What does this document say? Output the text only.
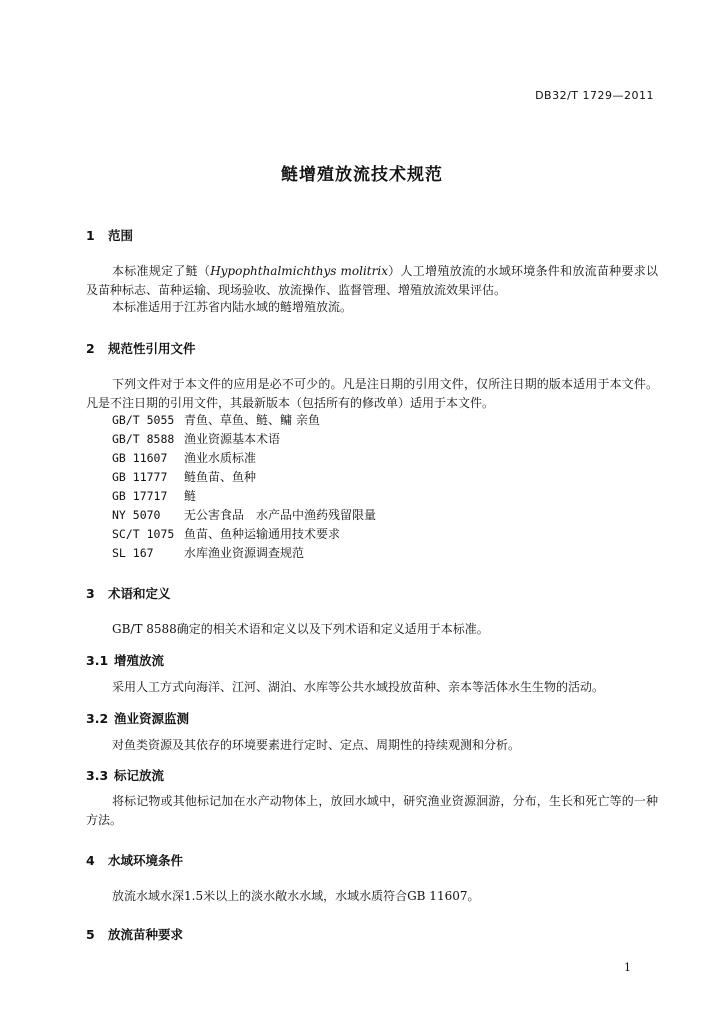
DB32/T 1729—2011
鲢增殖放流技术规范
1 范围
本标准规定了鲢（Hypophthalmichthys molitrix）人工增殖放流的水域环境条件和放流苗种要求以及苗种标志、苗种运输、现场验收、放流操作、监督管理、增殖放流效果评估。
本标准适用于江苏省内陆水域的鲢增殖放流。
2 规范性引用文件
下列文件对于本文件的应用是必不可少的。凡是注日期的引用文件，仅所注日期的版本适用于本文件。凡是不注日期的引用文件，其最新版本（包括所有的修改单）适用于本文件。
GB/T 5055 青鱼、草鱼、鲢、鳙 亲鱼
GB/T 8588 渔业资源基本术语
GB 11607 渔业水质标准
GB 11777 鲢鱼苗、鱼种
GB 17717 鲢
NY 5070 无公害食品　水产品中渔药残留限量
SC/T 1075 鱼苗、鱼种运输通用技术要求
SL 167	水库渔业资源调查规范
3 术语和定义
GB/T 8588确定的相关术语和定义以及下列术语和定义适用于本标准。
3.1 增殖放流
采用人工方式向海洋、江河、湖泊、水库等公共水域投放苗种、亲本等活体水生生物的活动。
3.2 渔业资源监测
对鱼类资源及其依存的环境要素进行定时、定点、周期性的持续观测和分析。
3.3 标记放流
将标记物或其他标记加在水产动物体上，放回水域中，研究渔业资源洄游，分布，生长和死亡等的一种方法。
4 水域环境条件
放流水域水深1.5米以上的淡水敞水水域，水域水质符合GB 11607。
5 放流苗种要求
1
